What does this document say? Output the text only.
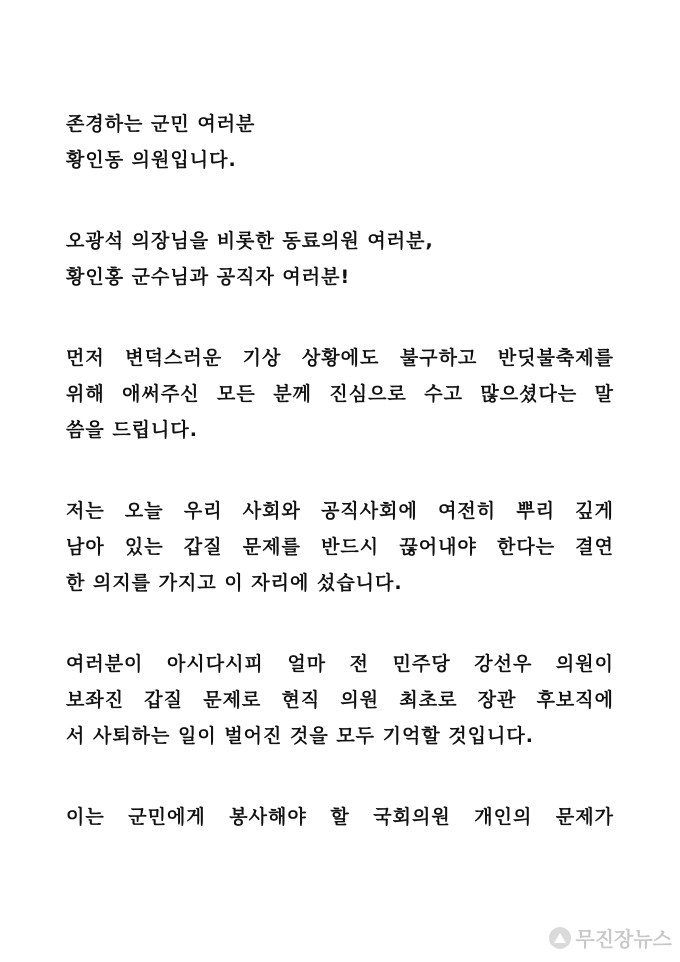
존경하는 군민 여러분
황인동 의원입니다.
오광석 의장님을 비롯한 동료의원 여러분,
황인홍 군수님과 공직자 여러분!
먼저 변덕스러운 기상 상황에도 불구하고 반딧불축제를
위해 애써주신 모든 분께 진심으로 수고 많으셨다는 말
씀을 드립니다.
저는 오늘 우리 사회와 공직사회에 여전히 뿌리 깊게
남아 있는 갑질 문제를 반드시 끊어내야 한다는 결연
한 의지를 가지고 이 자리에 섰습니다.
여러분이 아시다시피 얼마 전 민주당 강선우 의원이
보좌진 갑질 문제로 현직 의원 최초로 장관 후보직에
서 사퇴하는 일이 벌어진 것을 모두 기억할 것입니다.
이는 군민에게 봉사해야 할 국회의원 개인의 문제가
무진장뉴스
